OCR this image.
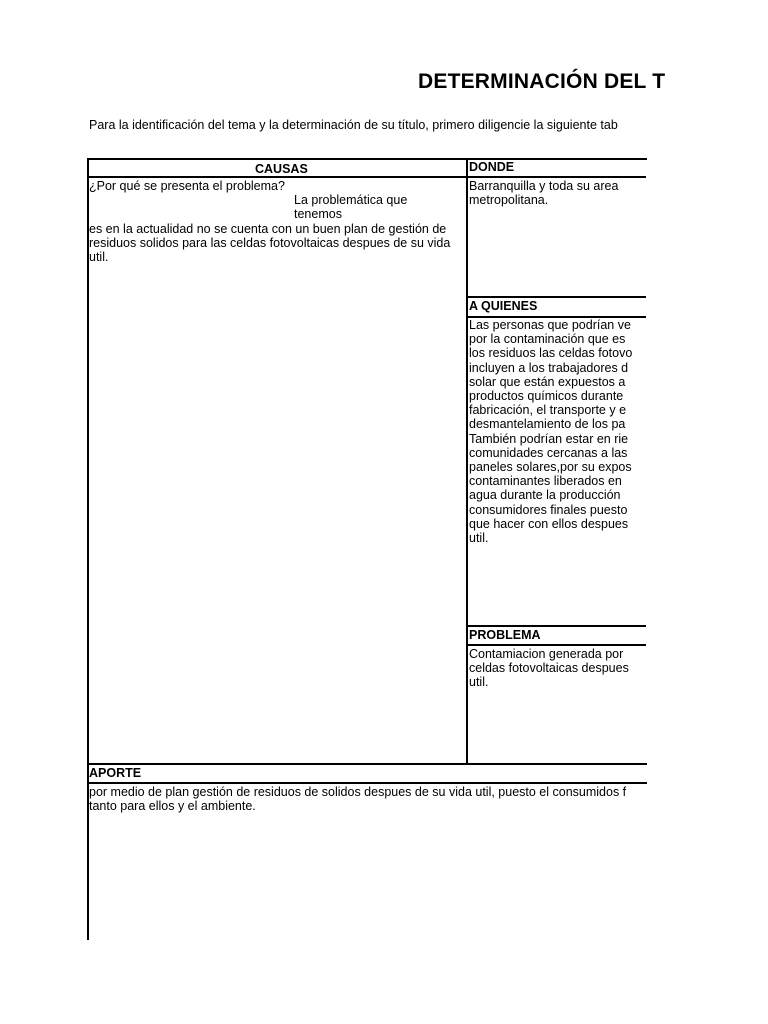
DETERMINACIÓN DEL T
Para la identificación del tema y la determinación de su título, primero diligencie la siguiente tab
CAUSAS

¿Por qué se presenta el problema?

La problemática que tenemos

es en la actualidad no se cuenta con un buen plan de gestión de residuos solidos para las celdas fotovoltaicas despues de su vida util.

DONDE
Barranquilla y toda su area metropolitana.
A QUIENES
Las personas que podrían ve por la contaminación que es los residuos las celdas fotovo incluyen a los trabajadores d solar que están expuestos a productos químicos durante fabricación, el transporte y e desmantelamiento de los pa También podrían estar en rie comunidades cercanas a las paneles solares,por su expos contaminantes liberados en agua durante la producción consumidores finales puesto que hacer con ellos despues util.
PROBLEMA
Contamiacion generada por celdas fotovoltaicas despues util.
APORTE
por medio de plan gestión de residuos de solidos despues de su vida util, puesto el consumidos f tanto para ellos y el ambiente.
